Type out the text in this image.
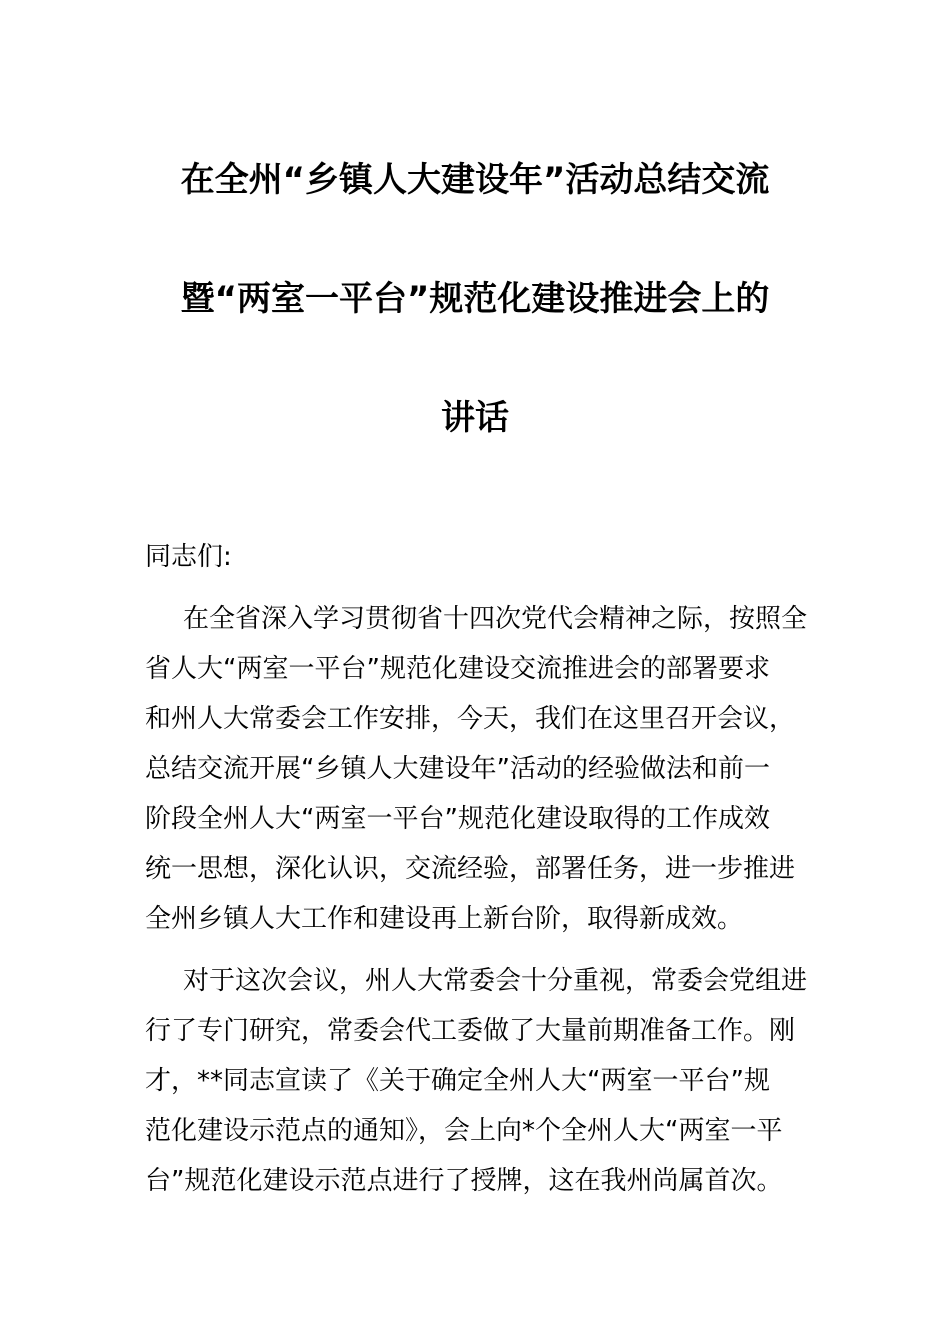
在全州“乡镇人大建设年”活动总结交流
暨“两室一平台”规范化建设推进会上的
讲话
同志们:
在全省深入学习贯彻省十四次党代会精神之际，按照全
省人大“两室一平台”规范化建设交流推进会的部署要求
和州人大常委会工作安排，今天，我们在这里召开会议，
总结交流开展“乡镇人大建设年”活动的经验做法和前一
阶段全州人大“两室一平台”规范化建设取得的工作成效
统一思想，深化认识，交流经验，部署任务，进一步推进
全州乡镇人大工作和建设再上新台阶，取得新成效。
对于这次会议，州人大常委会十分重视，常委会党组进
行了专门研究，常委会代工委做了大量前期准备工作。刚
才，**同志宣读了《关于确定全州人大“两室一平台”规
范化建设示范点的通知》，会上向*个全州人大“两室一平
台”规范化建设示范点进行了授牌，这在我州尚属首次。
